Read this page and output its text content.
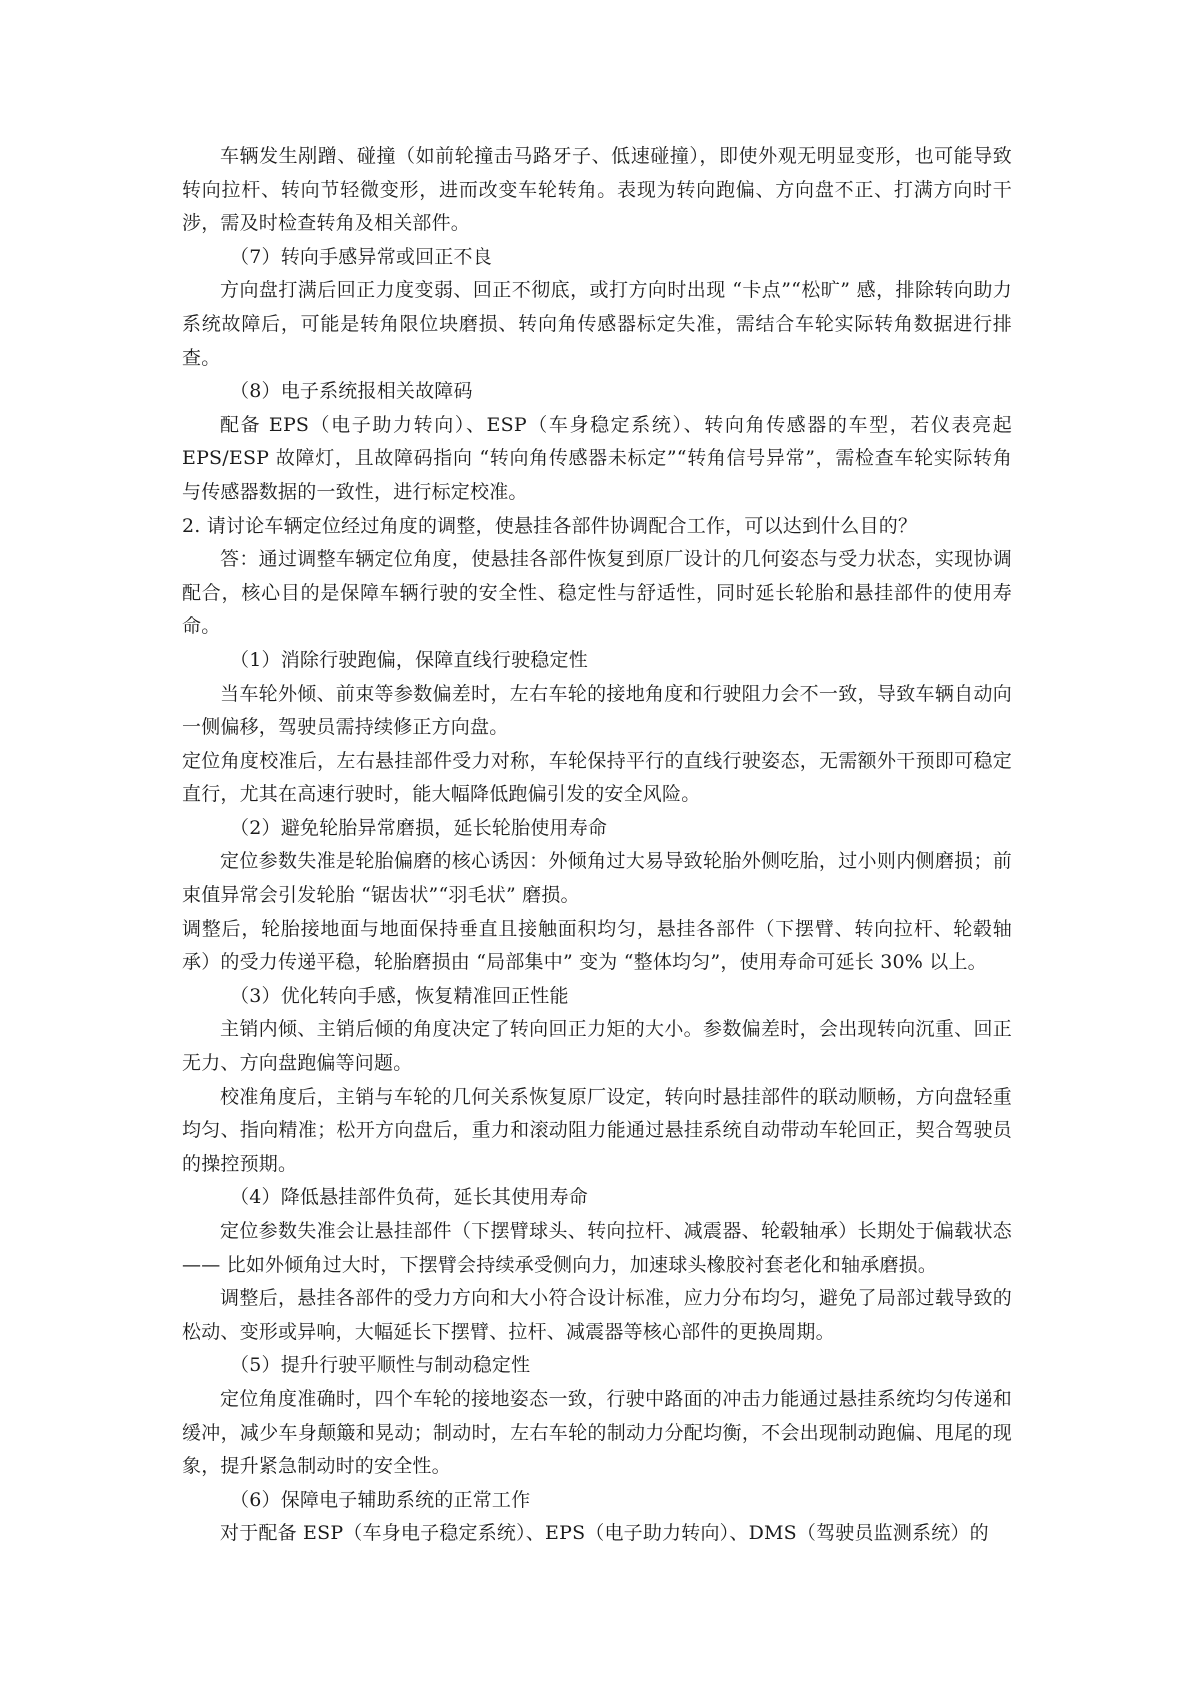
车辆发生剐蹭、碰撞（如前轮撞击马路牙子、低速碰撞），即使外观无明显变形，也可能导致转向拉杆、转向节轻微变形，进而改变车轮转角。表现为转向跑偏、方向盘不正、打满方向时干涉，需及时检查转角及相关部件。

（7）转向手感异常或回正不良

方向盘打满后回正力度变弱、回正不彻底，或打方向时出现 “卡点”“松旷” 感，排除转向助力系统故障后，可能是转角限位块磨损、转向角传感器标定失准，需结合车轮实际转角数据进行排查。

（8）电子系统报相关故障码

配备 EPS（电子助力转向）、ESP（车身稳定系统）、转向角传感器的车型，若仪表亮起 EPS/ESP 故障灯，且故障码指向 “转向角传感器未标定”“转角信号异常”，需检查车轮实际转角与传感器数据的一致性，进行标定校准。

2. 请讨论车辆定位经过角度的调整，使悬挂各部件协调配合工作，可以达到什么目的？

答：通过调整车辆定位角度，使悬挂各部件恢复到原厂设计的几何姿态与受力状态，实现协调配合，核心目的是保障车辆行驶的安全性、稳定性与舒适性，同时延长轮胎和悬挂部件的使用寿命。

（1）消除行驶跑偏，保障直线行驶稳定性

当车轮外倾、前束等参数偏差时，左右车轮的接地角度和行驶阻力会不一致，导致车辆自动向一侧偏移，驾驶员需持续修正方向盘。

定位角度校准后，左右悬挂部件受力对称，车轮保持平行的直线行驶姿态，无需额外干预即可稳定直行，尤其在高速行驶时，能大幅降低跑偏引发的安全风险。

（2）避免轮胎异常磨损，延长轮胎使用寿命

定位参数失准是轮胎偏磨的核心诱因：外倾角过大易导致轮胎外侧吃胎，过小则内侧磨损；前束值异常会引发轮胎 “锯齿状”“羽毛状” 磨损。

调整后，轮胎接地面与地面保持垂直且接触面积均匀，悬挂各部件（下摆臂、转向拉杆、轮毂轴承）的受力传递平稳，轮胎磨损由 “局部集中” 变为 “整体均匀”，使用寿命可延长 30% 以上。

（3）优化转向手感，恢复精准回正性能

主销内倾、主销后倾的角度决定了转向回正力矩的大小。参数偏差时，会出现转向沉重、回正无力、方向盘跑偏等问题。

校准角度后，主销与车轮的几何关系恢复原厂设定，转向时悬挂部件的联动顺畅，方向盘轻重均匀、指向精准；松开方向盘后，重力和滚动阻力能通过悬挂系统自动带动车轮回正，契合驾驶员的操控预期。

（4）降低悬挂部件负荷，延长其使用寿命

定位参数失准会让悬挂部件（下摆臂球头、转向拉杆、减震器、轮毂轴承）长期处于偏载状态—— 比如外倾角过大时，下摆臂会持续承受侧向力，加速球头橡胶衬套老化和轴承磨损。

调整后，悬挂各部件的受力方向和大小符合设计标准，应力分布均匀，避免了局部过载导致的松动、变形或异响，大幅延长下摆臂、拉杆、减震器等核心部件的更换周期。

（5）提升行驶平顺性与制动稳定性

定位角度准确时，四个车轮的接地姿态一致，行驶中路面的冲击力能通过悬挂系统均匀传递和缓冲，减少车身颠簸和晃动；制动时，左右车轮的制动力分配均衡，不会出现制动跑偏、甩尾的现象，提升紧急制动时的安全性。

（6）保障电子辅助系统的正常工作

对于配备 ESP（车身电子稳定系统）、EPS（电子助力转向）、DMS（驾驶员监测系统）的
